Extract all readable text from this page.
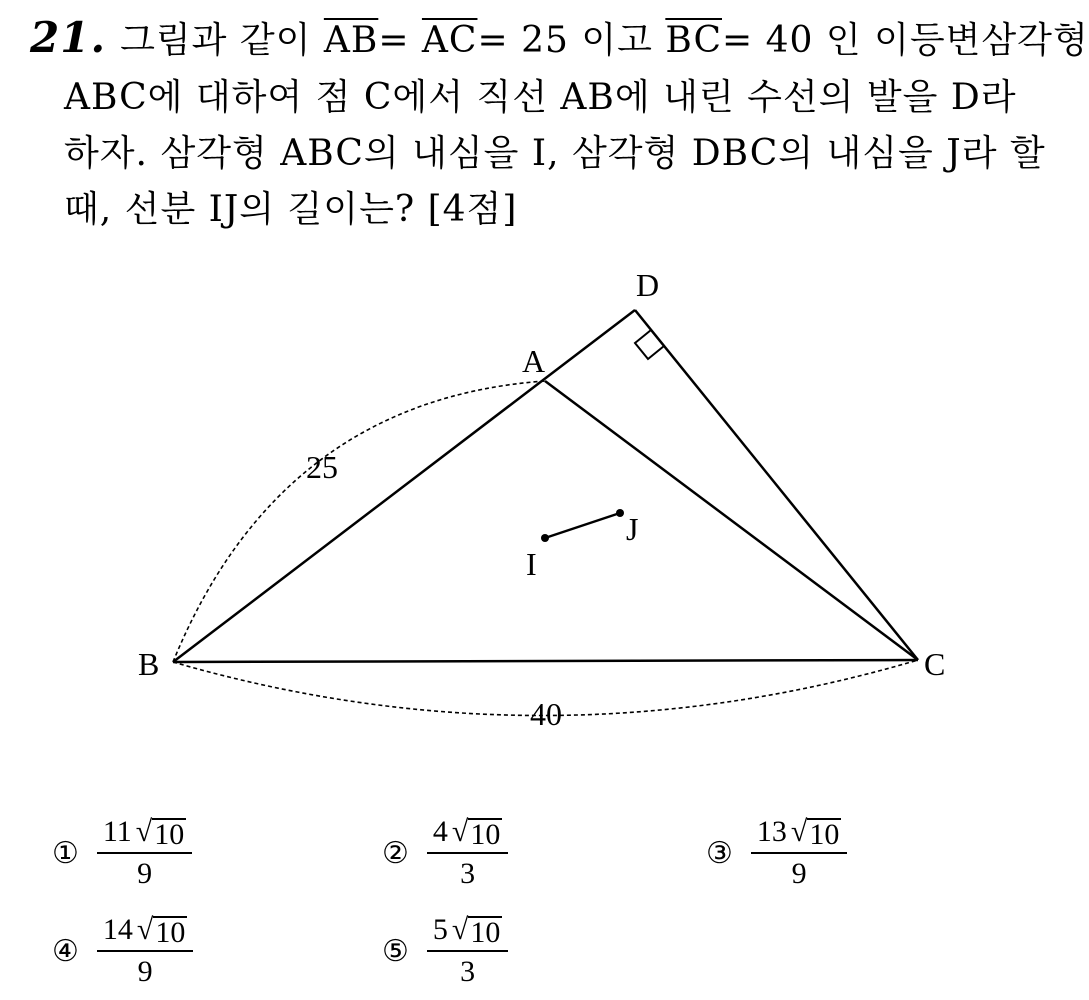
21. 그림과 같이 $\overline{AB}= \overline{AC}= 25$ 이고 $\overline{BC}= 40$ 인 이등변삼각형
ABC에 대하여 점 C에서 직선 AB에 내린 수선의 발을 D라
하자. 삼각형 ABC의 내심을 I, 삼각형 DBC의 내심을 J라 할
때, 선분 IJ의 길이는? [4점]
A
B	C
D
I
J
25
40
① $\frac{11 √ 10}{9}$	② $\frac{4 √ 10}{3}$	③ $\frac{13 √ 10}{9}$
④ $\frac{14 √ 10}{9}$	⑤ $\frac{5 √ 10}{3}$
